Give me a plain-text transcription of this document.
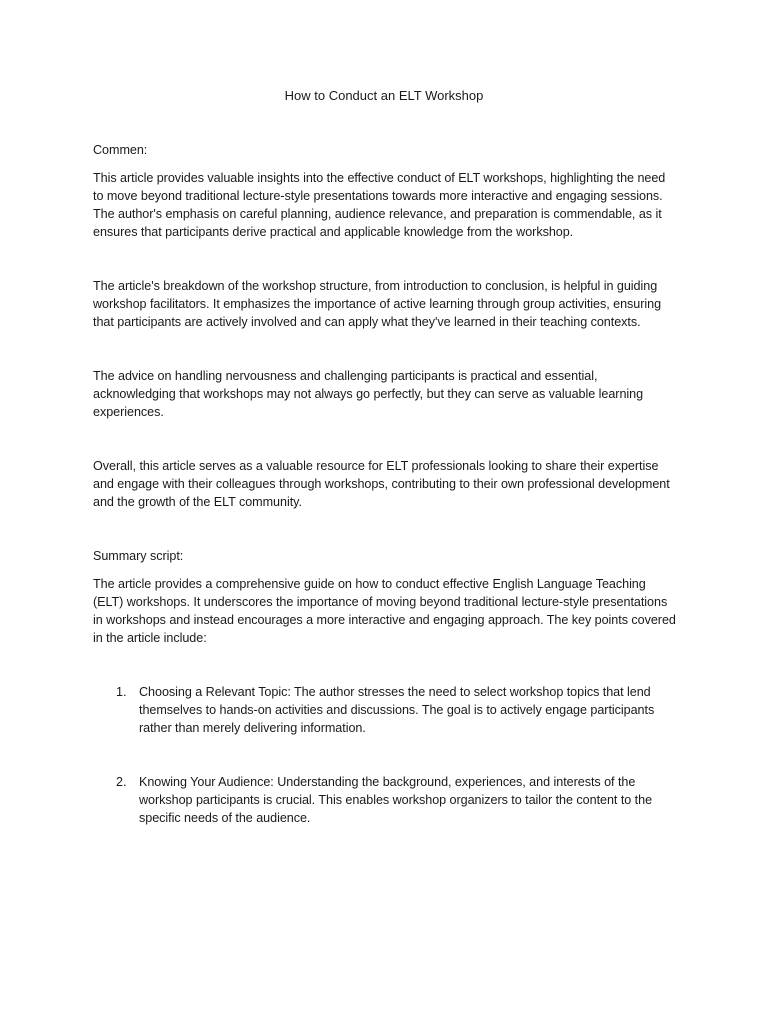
How to Conduct an ELT Workshop

Commen:

This article provides valuable insights into the effective conduct of ELT workshops, highlighting the need to move beyond traditional lecture-style presentations towards more interactive and engaging sessions. The author's emphasis on careful planning, audience relevance, and preparation is commendable, as it ensures that participants derive practical and applicable knowledge from the workshop.

The article's breakdown of the workshop structure, from introduction to conclusion, is helpful in guiding workshop facilitators. It emphasizes the importance of active learning through group activities, ensuring that participants are actively involved and can apply what they've learned in their teaching contexts.

The advice on handling nervousness and challenging participants is practical and essential, acknowledging that workshops may not always go perfectly, but they can serve as valuable learning experiences.

Overall, this article serves as a valuable resource for ELT professionals looking to share their expertise and engage with their colleagues through workshops, contributing to their own professional development and the growth of the ELT community.

Summary script:

The article provides a comprehensive guide on how to conduct effective English Language Teaching (ELT) workshops. It underscores the importance of moving beyond traditional lecture-style presentations in workshops and instead encourages a more interactive and engaging approach. The key points covered in the article include:

1. Choosing a Relevant Topic: The author stresses the need to select workshop topics that lend themselves to hands-on activities and discussions. The goal is to actively engage participants rather than merely delivering information.
2. Knowing Your Audience: Understanding the background, experiences, and interests of the workshop participants is crucial. This enables workshop organizers to tailor the content to the specific needs of the audience.
